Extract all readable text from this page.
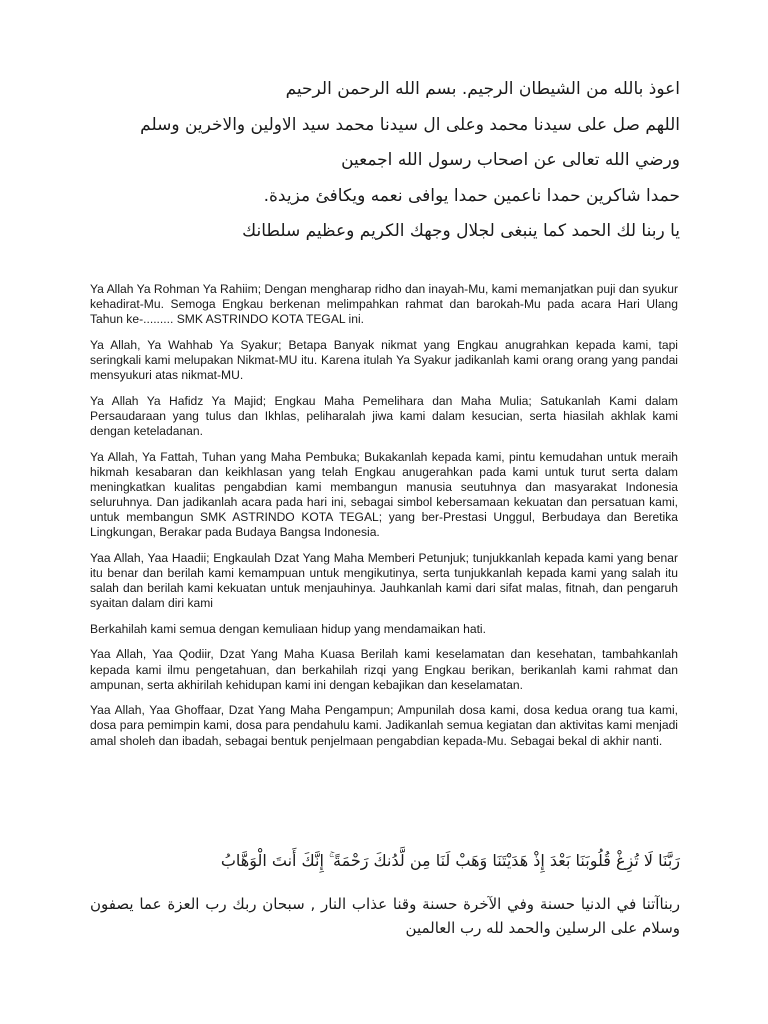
اعوذ بالله من الشيطان الرجيم. بسم الله الرحمن الرحيم

اللهم صل على سيدنا محمد وعلى ال سيدنا محمد سيد الاولين والاخرين وسلم

ورضي الله تعالى عن اصحاب رسول الله اجمعين

حمدا شاكرين حمدا ناعمين حمدا يوافى نعمه ويكافئ مزيدة.

يا ربنا لك الحمد كما ينبغى لجلال وجهك الكريم وعظيم سلطانك

Ya Allah Ya Rohman Ya Rahiim; Dengan mengharap ridho dan inayah-Mu, kami memanjatkan puji dan syukur kehadirat-Mu. Semoga Engkau berkenan melimpahkan rahmat dan barokah-Mu pada acara Hari Ulang Tahun ke-......... SMK ASTRINDO KOTA TEGAL ini.

Ya Allah, Ya Wahhab Ya Syakur; Betapa Banyak nikmat yang Engkau anugrahkan kepada kami, tapi seringkali kami melupakan Nikmat-MU itu. Karena itulah Ya Syakur jadikanlah kami orang orang yang pandai mensyukuri atas nikmat-MU.

Ya Allah Ya Hafidz Ya Majid; Engkau Maha Pemelihara dan Maha Mulia; Satukanlah Kami dalam Persaudaraan yang tulus dan Ikhlas, peliharalah jiwa kami dalam kesucian, serta hiasilah akhlak kami dengan keteladanan.

Ya Allah, Ya Fattah, Tuhan yang Maha Pembuka; Bukakanlah kepada kami, pintu kemudahan untuk meraih hikmah kesabaran dan keikhlasan yang telah Engkau anugerahkan pada kami untuk turut serta dalam meningkatkan kualitas pengabdian kami membangun manusia seutuhnya dan masyarakat Indonesia seluruhnya. Dan jadikanlah acara pada hari ini, sebagai simbol kebersamaan kekuatan dan persatuan kami, untuk membangun SMK ASTRINDO KOTA TEGAL; yang ber-Prestasi Unggul, Berbudaya dan Beretika Lingkungan, Berakar pada Budaya Bangsa Indonesia.

Yaa Allah, Yaa Haadii; Engkaulah Dzat Yang Maha Memberi Petunjuk; tunjukkanlah kepada kami yang benar itu benar dan berilah kami kemampuan untuk mengikutinya, serta tunjukkanlah kepada kami yang salah itu salah dan berilah kami kekuatan untuk menjauhinya. Jauhkanlah kami dari sifat malas, fitnah, dan pengaruh syaitan dalam diri kami

Berkahilah kami semua dengan kemuliaan hidup yang mendamaikan hati.

Yaa Allah, Yaa Qodiir, Dzat Yang Maha Kuasa Berilah kami keselamatan dan kesehatan, tambahkanlah kepada kami ilmu pengetahuan, dan berkahilah rizqi yang Engkau berikan, berikanlah kami rahmat dan ampunan, serta akhirilah kehidupan kami ini dengan kebajikan dan keselamatan.

Yaa Allah, Yaa Ghoffaar, Dzat Yang Maha Pengampun; Ampunilah dosa kami, dosa kedua orang tua kami, dosa para pemimpin kami, dosa para pendahulu kami. Jadikanlah semua kegiatan dan aktivitas kami menjadi amal sholeh dan ibadah, sebagai bentuk penjelmaan pengabdian kepada-Mu. Sebagai bekal di akhir nanti.

رَبَّنَا لَا تُزِغْ قُلُوبَنَا بَعْدَ إِذْ هَدَيْتَنَا وَهَبْ لَنَا مِن لَّدُنكَ رَحْمَةً ۚ إِنَّكَ أَنتَ الْوَهَّابُ

ربناآتنا في الدنيا حسنة وفي الآخرة حسنة وقنا عذاب النار , سبحان ربك رب العزة عما يصفون وسلام على الرسلين والحمد لله رب العالمين
